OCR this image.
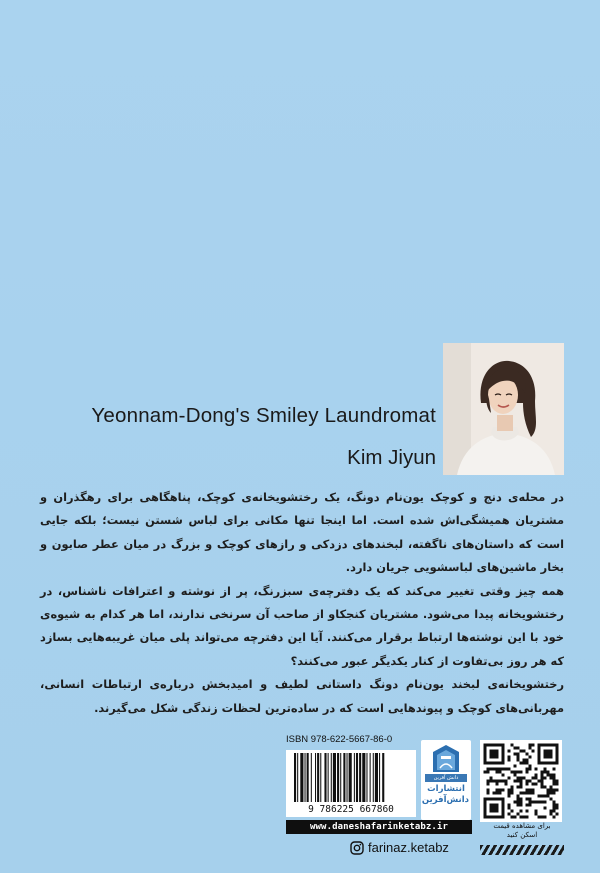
Yeonnam-Dong's Smiley Laundromat
Kim Jiyun

در محله‌ی دنج و کوچک یون‌نام دونگ، یک رختشویخانه‌ی کوچک، پناهگاهی برای رهگذران و مشتریان همیشگی‌اش شده است. اما اینجا تنها مکانی برای لباس شستن نیست؛ بلکه جایی است که داستان‌های ناگفته، لبخندهای دزدکی و رازهای کوچک و بزرگ در میان عطر صابون و بخار ماشین‌های لباسشویی جریان دارد.

همه چیز وقتی تغییر می‌کند که یک دفترچه‌ی سبزرنگ، پر از نوشته و اعترافات ناشناس، در رختشویخانه پیدا می‌شود. مشتریان کنجکاو از صاحب آن سرنخی ندارند، اما هر کدام به شیوه‌ی خود با این نوشته‌ها ارتباط برقرار می‌کنند. آیا این دفترچه می‌تواند پلی میان غریبه‌هایی بسازد که هر روز بی‌تفاوت از کنار یکدیگر عبور می‌کنند؟

رختشویخانه‌ی لبخند یون‌نام دونگ داستانی لطیف و امیدبخش درباره‌ی ارتباطات انسانی، مهربانی‌های کوچک و پیوندهایی است که در ساده‌ترین لحظات زندگی شکل می‌گیرند.

ISBN 978-622-5667-86-0
9 786225 667860
دانش آفرین
انتشارات
دانش‌آفرین
برای مشاهده قیمت
اسکن کنید
www.daneshafarinketabz.ir
farinaz.ketabz
